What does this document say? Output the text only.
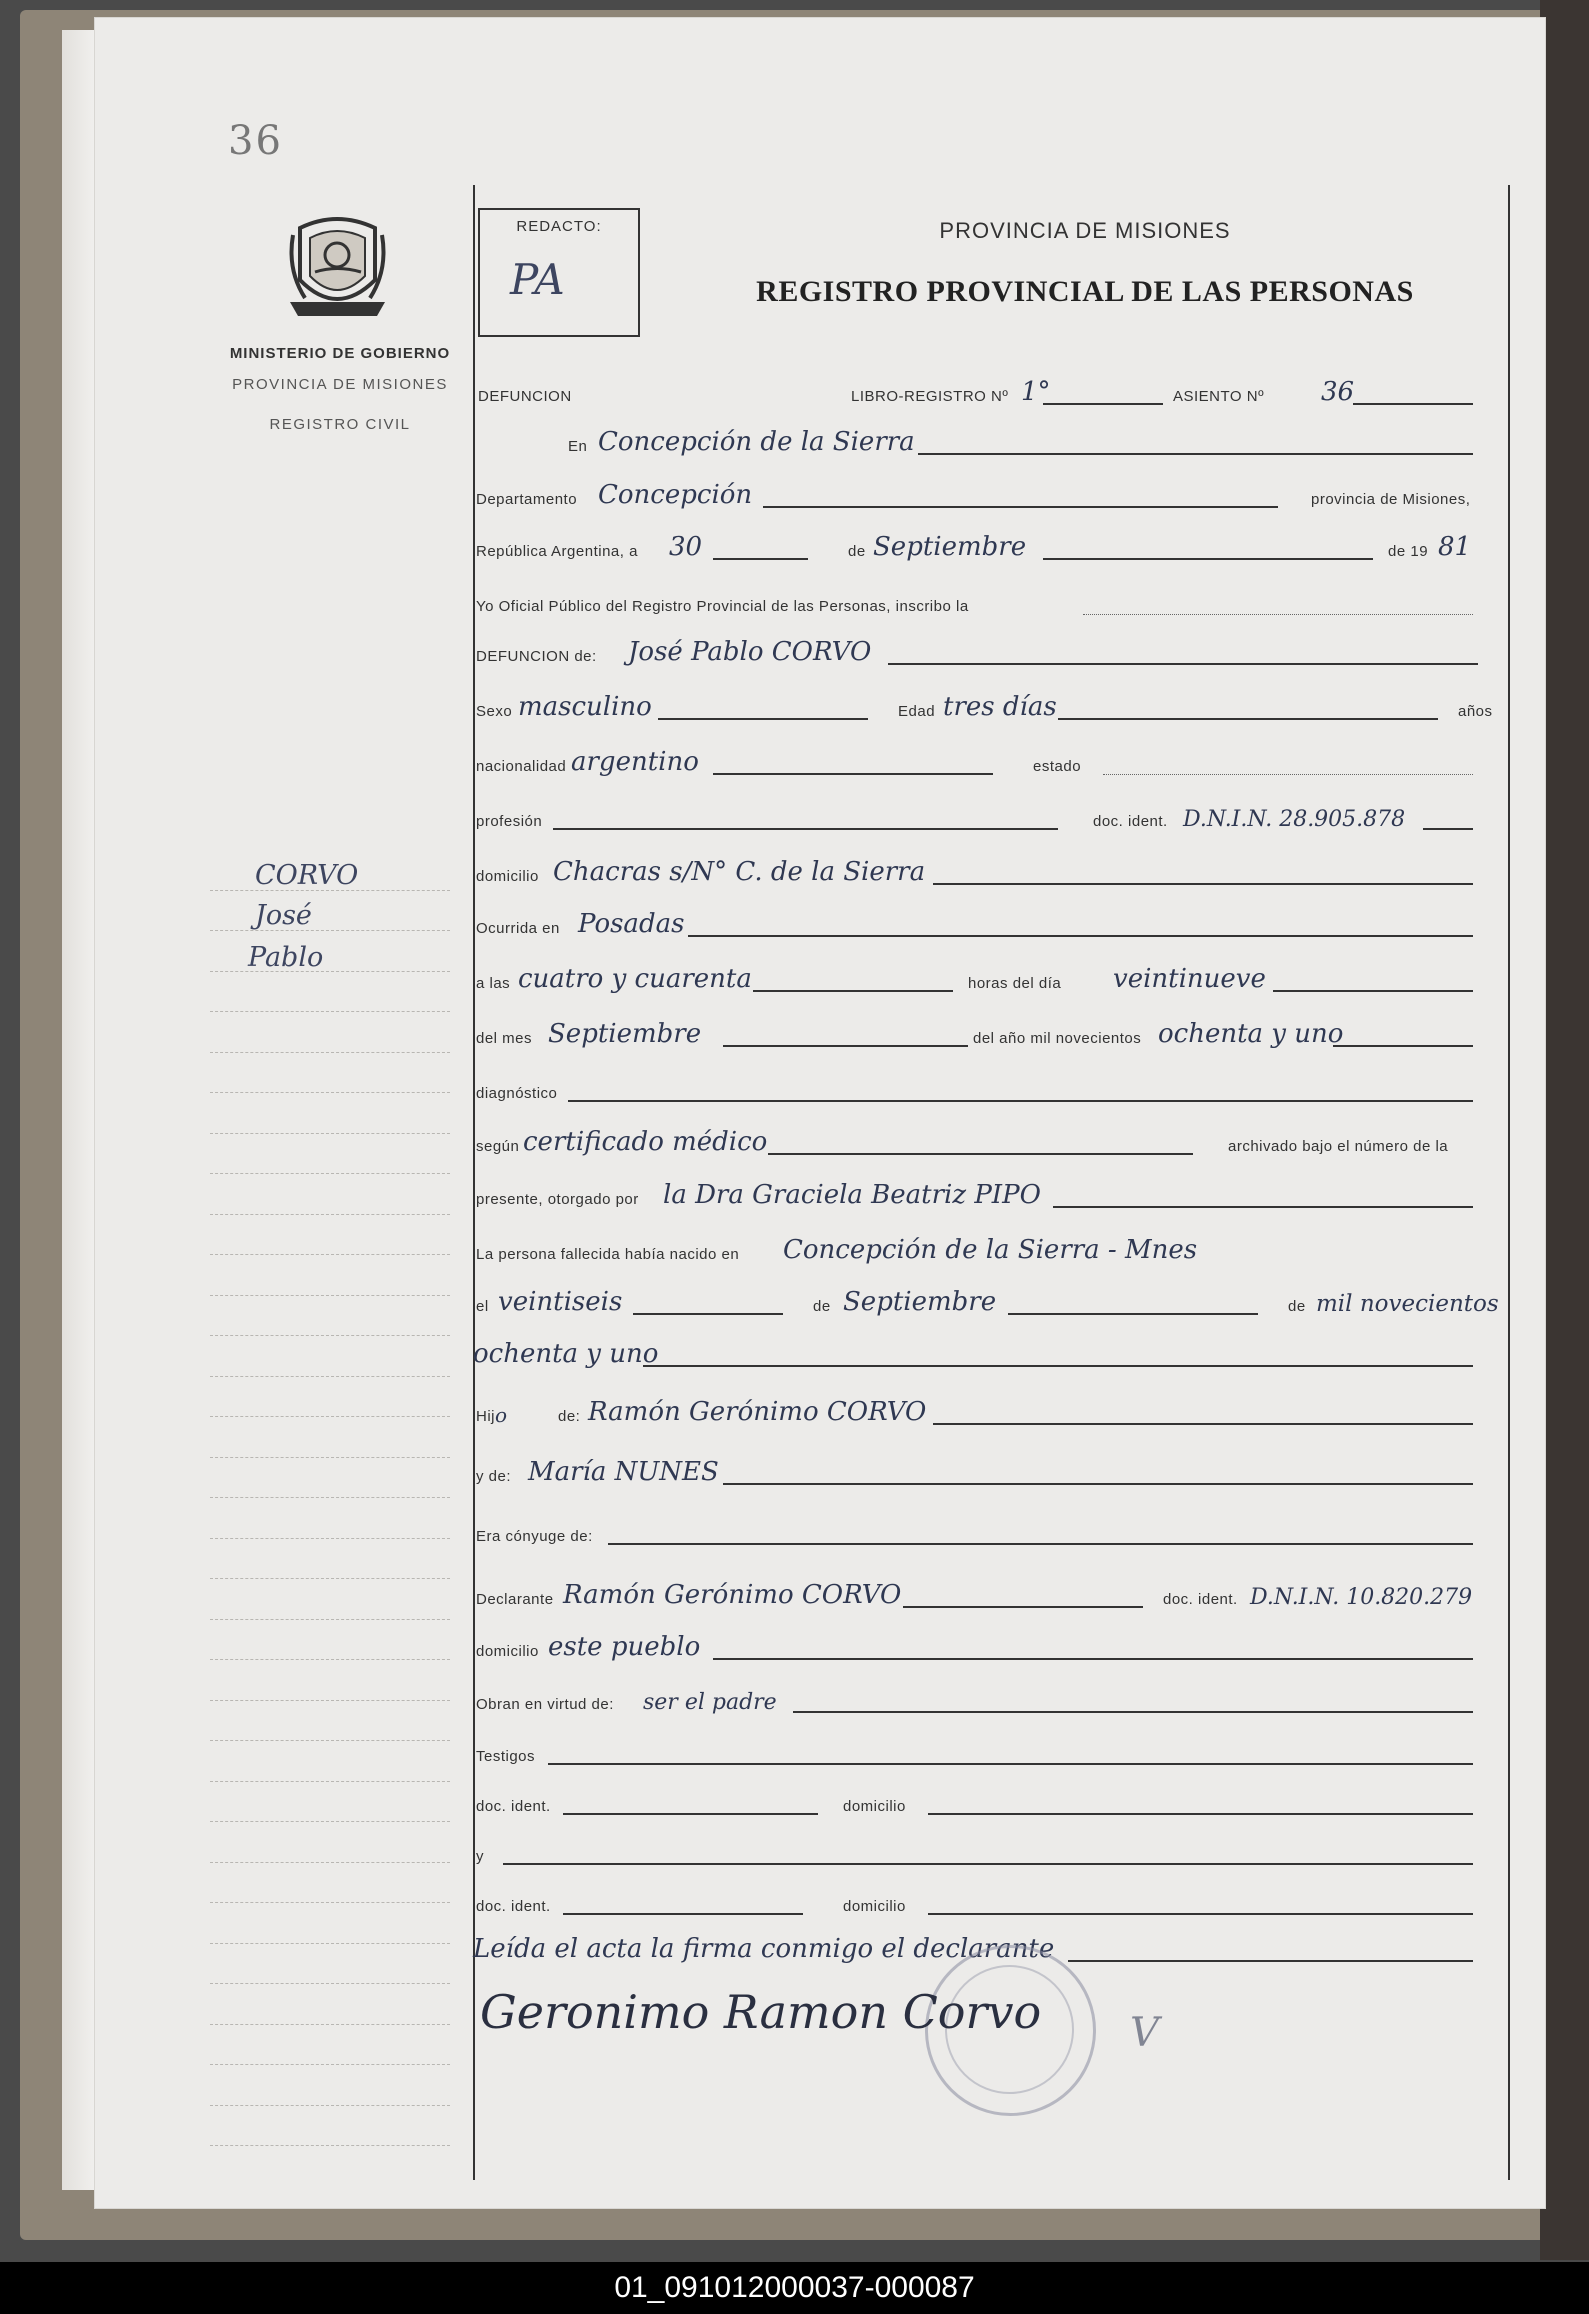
36
MINISTERIO DE GOBIERNO
PROVINCIA DE MISIONES
REGISTRO CIVIL
CORVO
José
Pablo
REDACTO:
PA
PROVINCIA DE MISIONES
REGISTRO PROVINCIAL DE LAS PERSONAS
DEFUNCION	LIBRO-REGISTRO Nº 1°	ASIENTO Nº 36
En Concepción de la Sierra
Departamento Concepción	provincia de Misiones,
República Argentina, a 30	de Septiembre	de 19 81
Yo Oficial Público del Registro Provincial de las Personas, inscribo la
DEFUNCION de: José Pablo CORVO
Sexo masculino	Edad tres días	años
nacionalidad argentino	estado
profesión	doc. ident. D.N.I.N. 28.905.878
domicilio Chacras s/N° C. de la Sierra
Ocurrida en Posadas
a las cuatro y cuarenta	horas del día veintinueve
del mes Septiembre	del año mil novecientos ochenta y uno
diagnóstico
según certificado médico	archivado bajo el número de la
presente, otorgado por la Dra Graciela Beatriz PIPO
La persona fallecida había nacido en Concepción de la Sierra - Mnes
el veintiseis	de Septiembre	de mil novecientos
ochenta y uno
Hij o	de: Ramón Gerónimo CORVO
y de: María NUNES
Era cónyuge de:
Declarante Ramón Gerónimo CORVO	doc. ident. D.N.I.N. 10.820.279
domicilio este pueblo
Obran en virtud de: ser el padre
Testigos
doc. ident.	domicilio
y
doc. ident.	domicilio
Leída el acta la firma conmigo el declarante
Geronimo Ramon Corvo V
01_091012000037-000087
